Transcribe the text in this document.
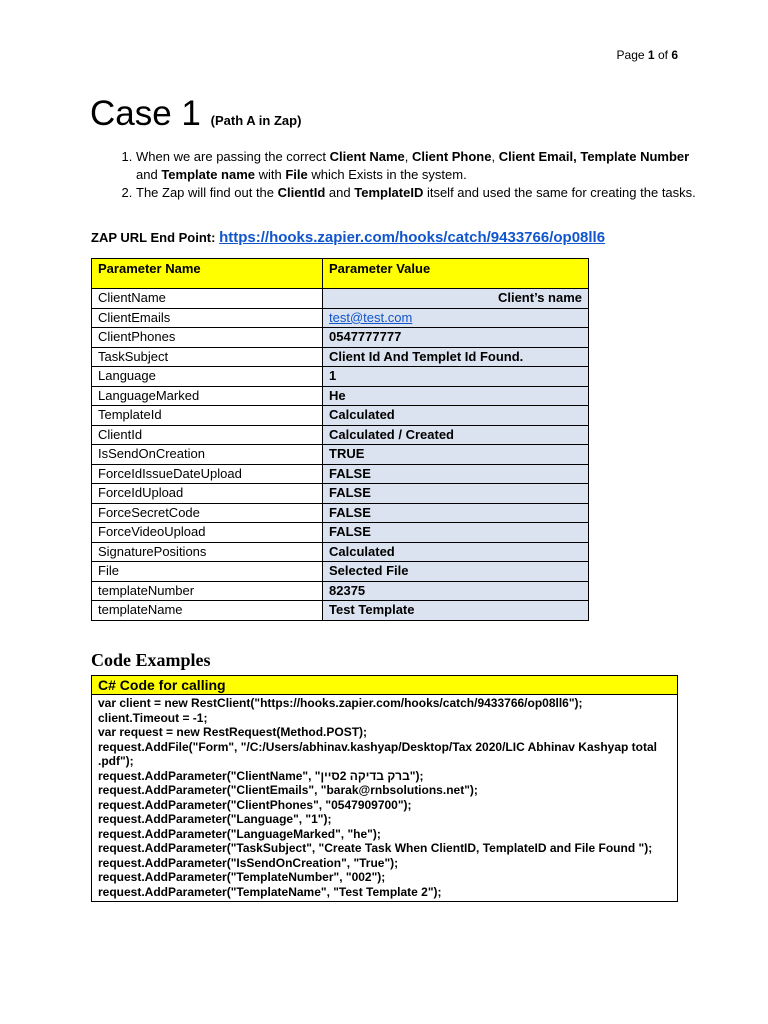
Page 1 of 6
Case 1 (Path A in Zap)
1. When we are passing the correct Client Name, Client Phone, Client Email, Template Number and Template name with File which Exists in the system.
2. The Zap will find out the ClientId and TemplateID itself and used the same for creating the tasks.
ZAP URL End Point: https://hooks.zapier.com/hooks/catch/9433766/op08ll6
Parameter Name	Parameter Value
ClientName	Client’s name
ClientEmails	test@test.com
ClientPhones	0547777777
TaskSubject	Client Id And Templet Id Found.
Language	1
LanguageMarked	He
TemplateId	Calculated
ClientId	Calculated / Created
IsSendOnCreation	TRUE
ForceIdIssueDateUpload	FALSE
ForceIdUpload	FALSE
ForceSecretCode	FALSE
ForceVideoUpload	FALSE
SignaturePositions	Calculated
File	Selected File
templateNumber	82375
templateName	Test Template
Code Examples
C# Code for calling
var client = new RestClient("https://hooks.zapier.com/hooks/catch/9433766/op08ll6");
client.Timeout = -1;
var request = new RestRequest(Method.POST);
request.AddFile("Form", "/C:/Users/abhinav.kashyap/Desktop/Tax 2020/LIC Abhinav Kashyap total .pdf");
request.AddParameter("ClientName", "ברק בדיקה 2סיין");
request.AddParameter("ClientEmails", "barak@rnbsolutions.net");
request.AddParameter("ClientPhones", "0547909700");
request.AddParameter("Language", "1");
request.AddParameter("LanguageMarked", "he");
request.AddParameter("TaskSubject", "Create Task When ClientID, TemplateID and File Found ");
request.AddParameter("IsSendOnCreation", "True");
request.AddParameter("TemplateNumber", "002");
request.AddParameter("TemplateName", "Test Template 2");
